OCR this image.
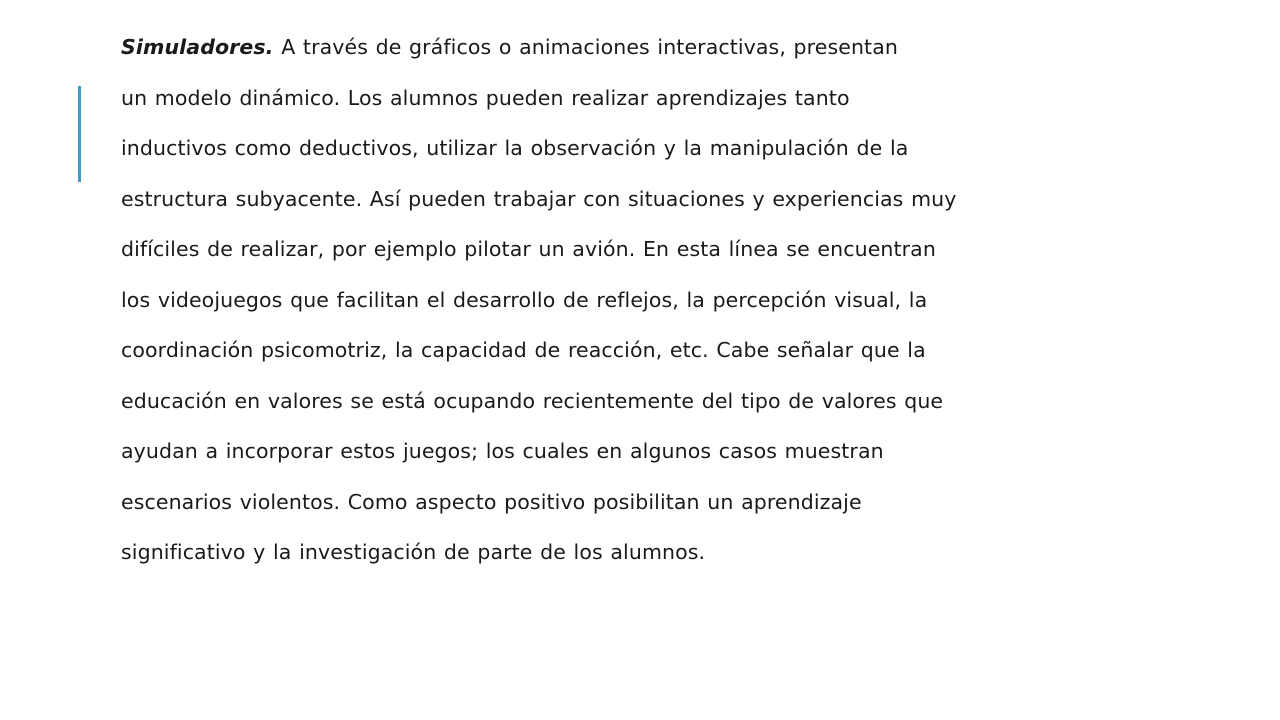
Simuladores. A través de gráficos o animaciones interactivas, presentan
un modelo dinámico. Los alumnos pueden realizar aprendizajes tanto
inductivos como deductivos, utilizar la observación y la manipulación de la
estructura subyacente. Así pueden trabajar con situaciones y experiencias muy
difíciles de realizar, por ejemplo pilotar un avión. En esta línea se encuentran
los videojuegos que facilitan el desarrollo de reflejos, la percepción visual, la
coordinación psicomotriz, la capacidad de reacción, etc. Cabe señalar que la
educación en valores se está ocupando recientemente del tipo de valores que
ayudan a incorporar estos juegos; los cuales en algunos casos muestran
escenarios violentos. Como aspecto positivo posibilitan un aprendizaje
significativo y la investigación de parte de los alumnos.
